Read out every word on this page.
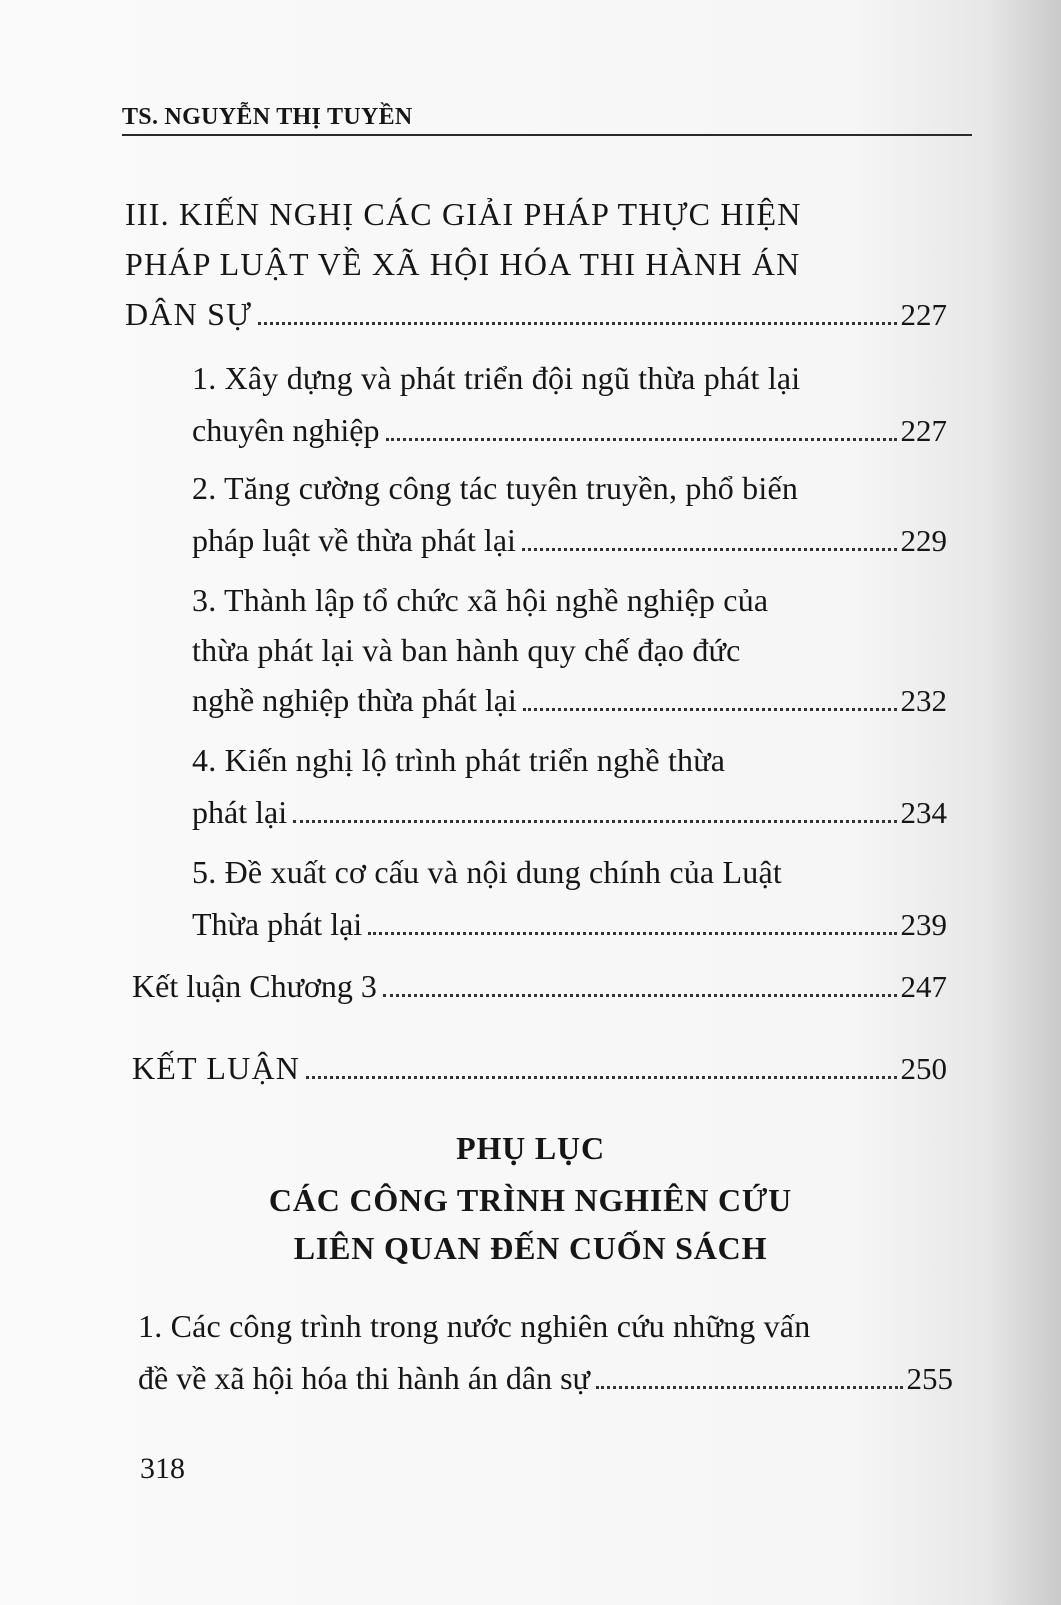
TS. NGUYỄN THỊ TUYỀN
III. KIẾN NGHỊ CÁC GIẢI PHÁP THỰC HIỆN
PHÁP LUẬT VỀ XÃ HỘI HÓA THI HÀNH ÁN
DÂN SỰ	227
1. Xây dựng và phát triển đội ngũ thừa phát lại
chuyên nghiệp	227
2. Tăng cường công tác tuyên truyền, phổ biến
pháp luật về thừa phát lại	229
3. Thành lập tổ chức xã hội nghề nghiệp của
thừa phát lại và ban hành quy chế đạo đức
nghề nghiệp thừa phát lại	232
4. Kiến nghị lộ trình phát triển nghề thừa
phát lại	234
5. Đề xuất cơ cấu và nội dung chính của Luật
Thừa phát lại	239
Kết luận Chương 3	247
KẾT LUẬN	250
PHỤ LỤC
CÁC CÔNG TRÌNH NGHIÊN CỨU
LIÊN QUAN ĐẾN CUỐN SÁCH
1. Các công trình trong nước nghiên cứu những vấn
đề về xã hội hóa thi hành án dân sự	255
318
